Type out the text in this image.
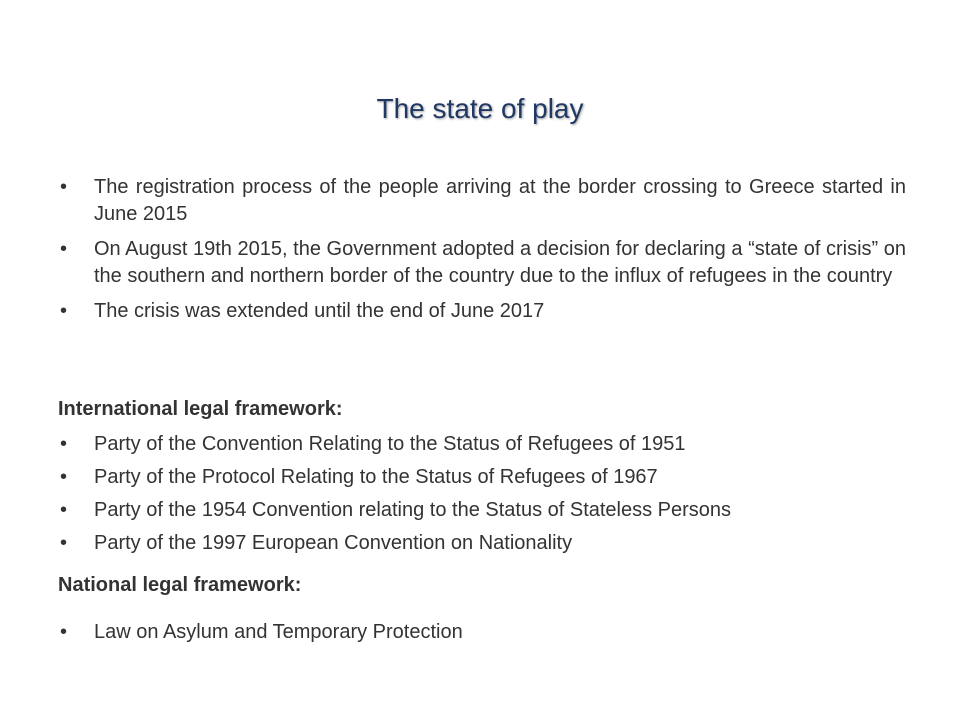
The state of play
•	The registration process of the people arriving at the border crossing to Greece started in June 2015
•	On August 19th 2015, the Government adopted a decision for declaring a “state of crisis” on the southern and northern border of the country due to the influx of refugees in the country
•	The crisis was extended until the end of June 2017
International legal framework:
•	Party of the Convention Relating to the Status of Refugees of 1951
•	Party of the Protocol Relating to the Status of Refugees of 1967
•	Party of the 1954 Convention relating to the Status of Stateless Persons
•	Party of the 1997 European Convention on Nationality
National legal framework:
•	Law on Asylum and Temporary Protection
